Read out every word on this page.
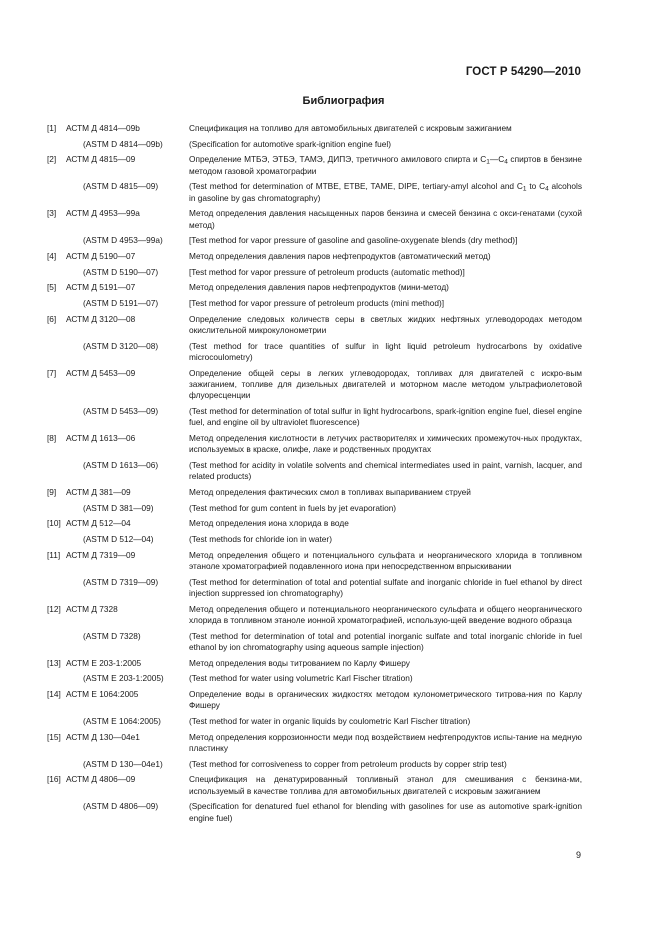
ГОСТ Р 54290—2010
Библиография
[1]	АСТМ Д 4814—09b	Спецификация на топливо для автомобильных двигателей с искровым зажиганием
(ASTM D 4814—09b)	(Specification for automotive spark-ignition engine fuel)
[2]	АСТМ Д 4815—09	Определение МТБЭ, ЭТБЭ, ТАМЭ, ДИПЭ, третичного амилового спирта и С1—С4 спиртов в бензине методом газовой хроматографии
(ASTM D 4815—09)	(Test method for determination of MTBE, ETBE, TAME, DIPE, tertiary-amyl alcohol and C1 to C4 alcohols in gasoline by gas chromatography)
[3]	АСТМ Д 4953—99а	Метод определения давления насыщенных паров бензина и смесей бензина с окси-генатами (сухой метод)
(ASTM D 4953—99a)	[Test method for vapor pressure of gasoline and gasoline-oxygenate blends (dry method)]
[4]	АСТМ Д 5190—07	Метод определения давления паров нефтепродуктов (автоматический метод)
(ASTM D 5190—07)	[Test method for vapor pressure of petroleum products (automatic method)]
[5]	АСТМ Д 5191—07	Метод определения давления паров нефтепродуктов (мини-метод)
(ASTM D 5191—07)	[Test method for vapor pressure of petroleum products (mini method)]
[6]	АСТМ Д 3120—08	Определение следовых количеств серы в светлых жидких нефтяных углеводородах методом окислительной микрокулонометрии
(ASTM D 3120—08)	(Test method for trace quantities of sulfur in light liquid petroleum hydrocarbons by oxidative microcoulometry)
[7]	АСТМ Д 5453—09	Определение общей серы в легких углеводородах, топливах для двигателей с искро-вым зажиганием, топливе для дизельных двигателей и моторном масле методом ультрафиолетовой флуоресценции
(ASTM D 5453—09)	(Test method for determination of total sulfur in light hydrocarbons, spark-ignition engine fuel, diesel engine fuel, and engine oil by ultraviolet fluorescence)
[8]	АСТМ Д 1613—06	Метод определения кислотности в летучих растворителях и химических промежуточ-ных продуктах, используемых в краске, олифе, лаке и родственных продуктах
(ASTM D 1613—06)	(Test method for acidity in volatile solvents and chemical intermediates used in paint, varnish, lacquer, and related products)
[9]	АСТМ Д 381—09	Метод определения фактических смол в топливах выпариванием струей
(ASTM D 381—09)	(Test method for gum content in fuels by jet evaporation)
[10] АСТМ Д 512—04	Метод определения иона хлорида в воде
(ASTM D 512—04)	(Test methods for chloride ion in water)
[11] АСТМ Д 7319—09	Метод определения общего и потенциального сульфата и неорганического хлорида в топливном этаноле хроматографией подавленного иона при непосредственном впрыскивании
(ASTM D 7319—09)	(Test method for determination of total and potential sulfate and inorganic chloride in fuel ethanol by direct injection suppressed ion chromatography)
[12] АСТМ Д 7328	Метод определения общего и потенциального неорганического сульфата и общего неорганического хлорида в топливном этаноле ионной хроматографией, использую-щей введение водного образца
(ASTM D 7328)	(Test method for determination of total and potential inorganic sulfate and total inorganic chloride in fuel ethanol by ion chromatography using aqueous sample injection)
[13] АСТМ Е 203-1:2005	Метод определения воды титрованием по Карлу Фишеру
(ASTM E 203-1:2005)	(Test method for water using volumetric Karl Fischer titration)
[14] АСТМ Е 1064:2005	Определение воды в органических жидкостях методом кулонометрического титрова-ния по Карлу Фишеру
(ASTM E 1064:2005)	(Test method for water in organic liquids by coulometric Karl Fischer titration)
[15] АСТМ Д 130—04е1	Метод определения коррозионности меди под воздействием нефтепродуктов испы-тание на медную пластинку
(ASTM D 130—04e1)	(Test method for corrosiveness to copper from petroleum products by copper strip test)
[16] АСТМ Д 4806—09	Спецификация на денатурированный топливный этанол для смешивания с бензина-ми, используемый в качестве топлива для автомобильных двигателей с искровым зажиганием
(ASTM D 4806—09)	(Specification for denatured fuel ethanol for blending with gasolines for use as automotive spark-ignition engine fuel)
9
